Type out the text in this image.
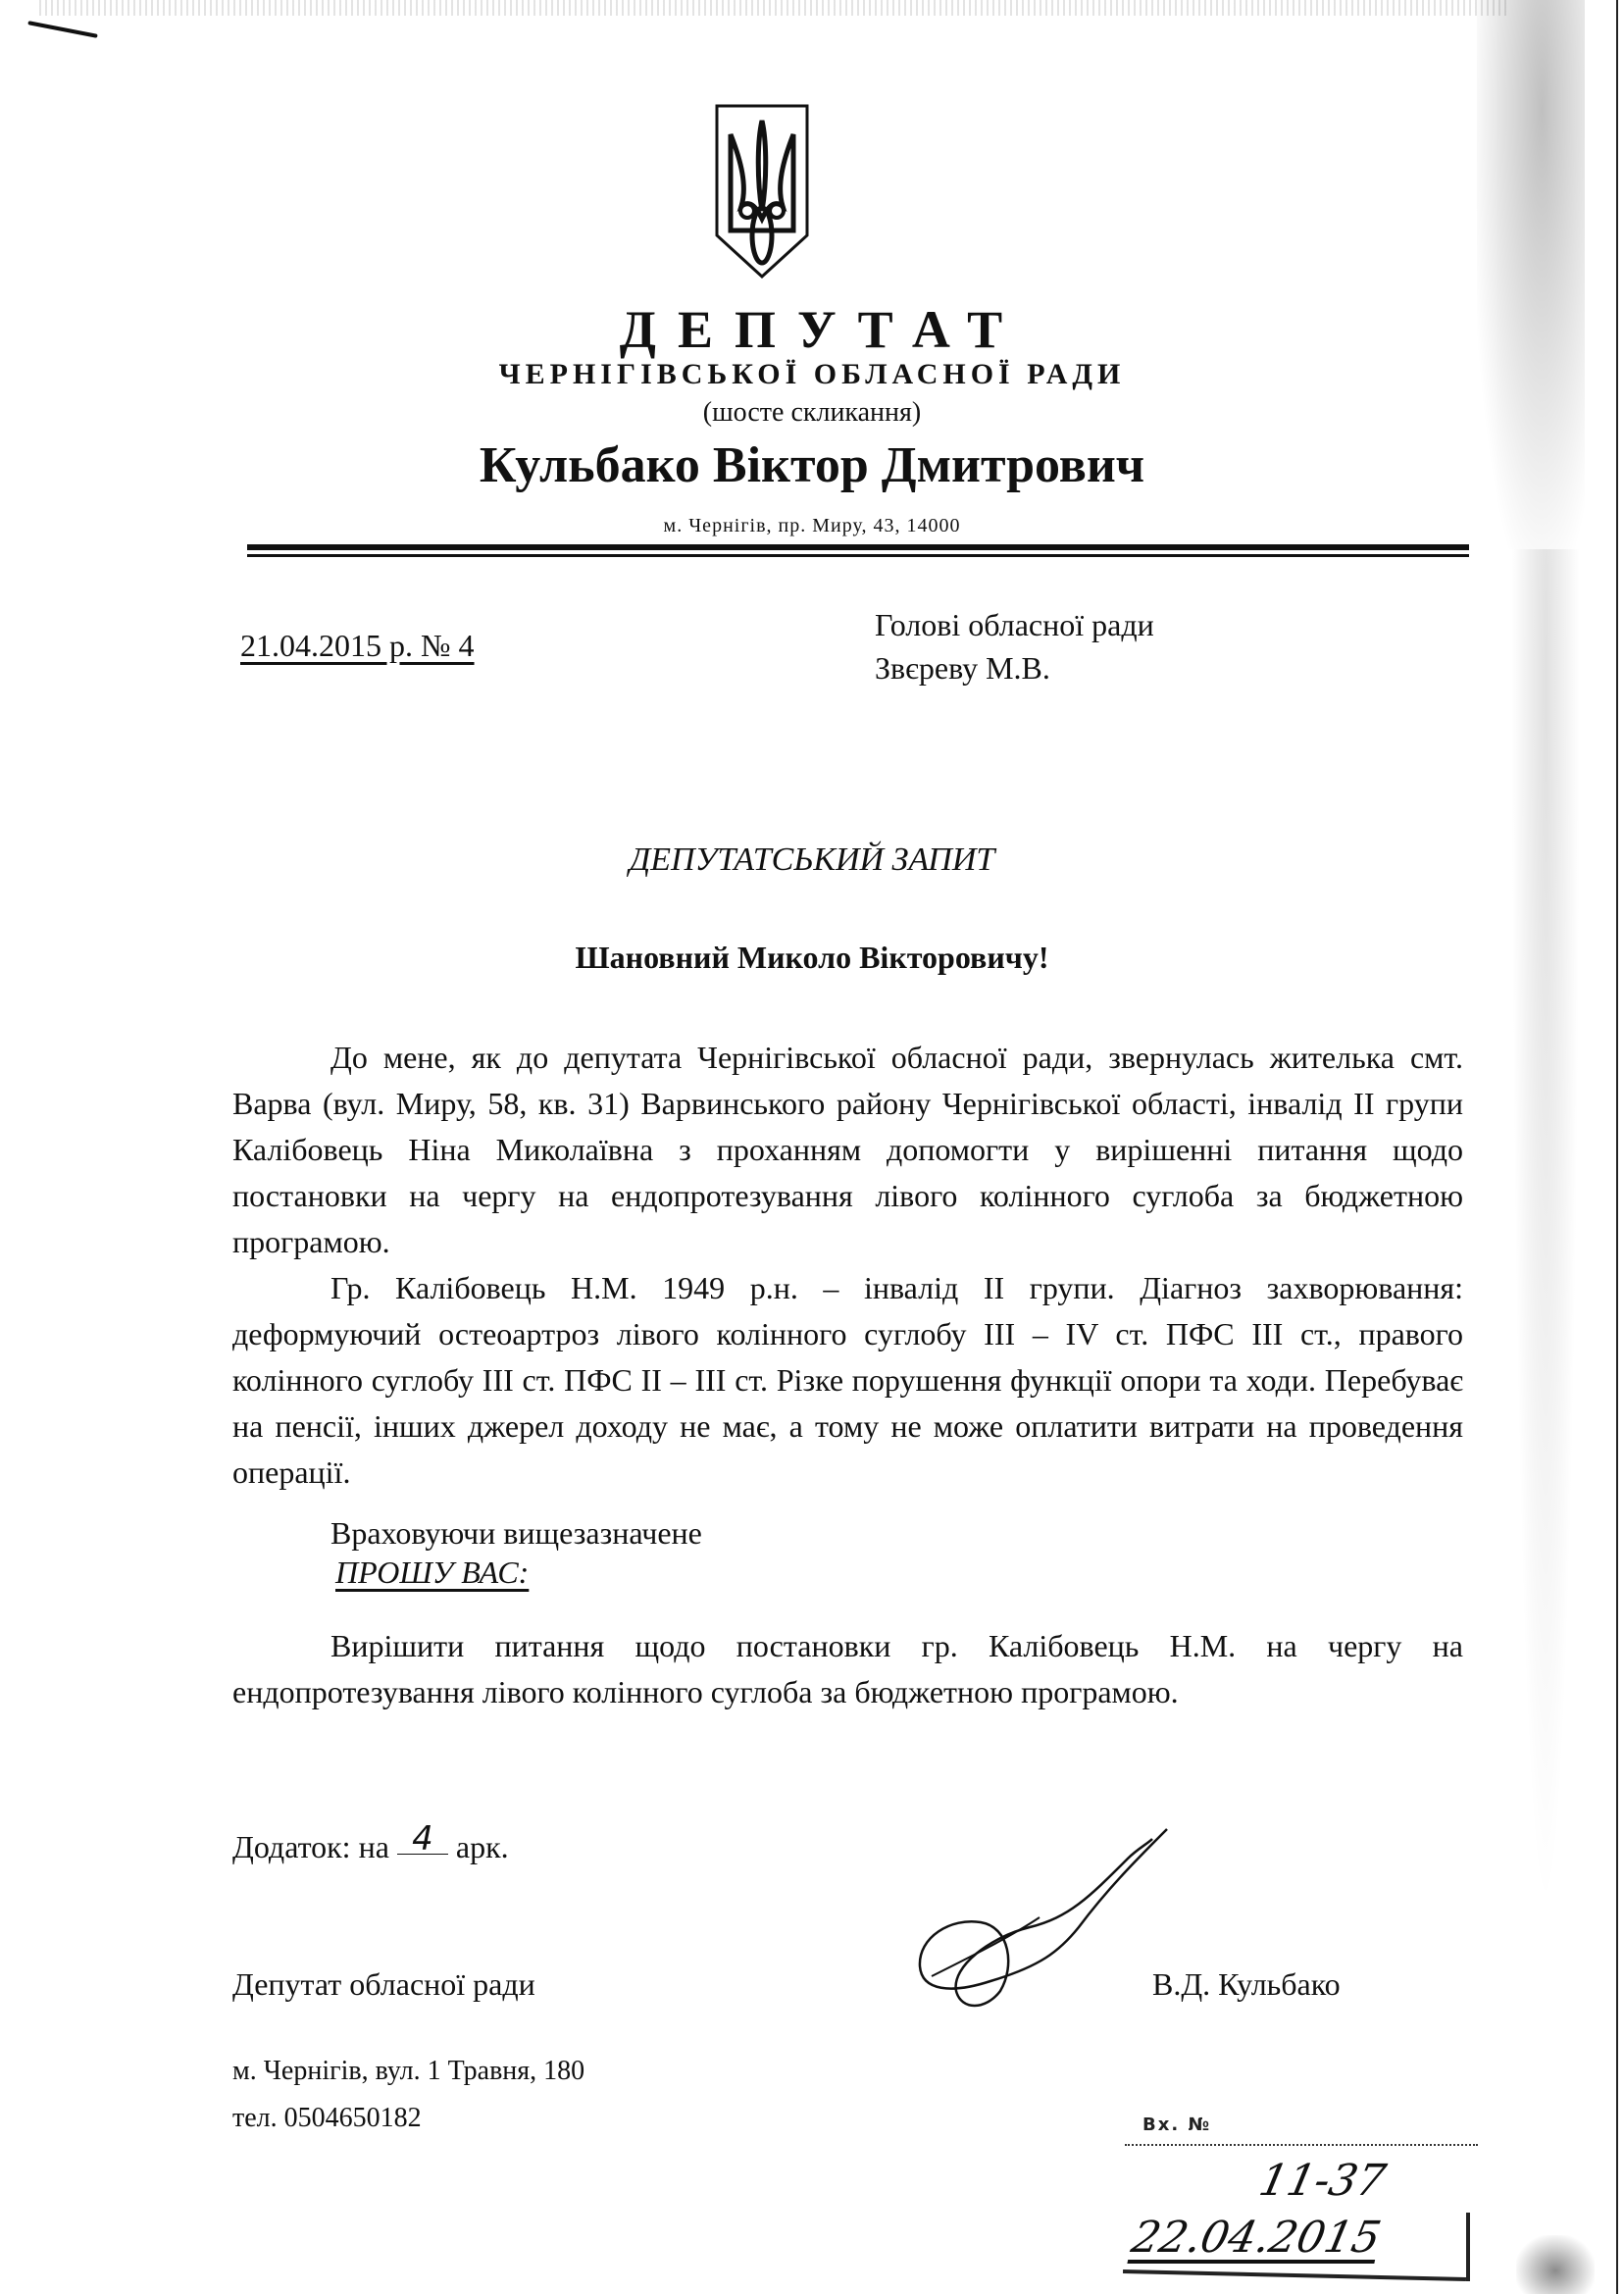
ДЕПУТАТ
ЧЕРНІГІВСЬКОЇ ОБЛАСНОЇ РАДИ
(шосте скликання)
Кульбако Віктор Дмитрович
м. Чернігів, пр. Миру, 43, 14000
21.04.2015 р. № 4
Голові обласної ради
Звєреву М.В.
ДЕПУТАТСЬКИЙ ЗАПИТ
Шановний Миколо Вікторовичу!

До мене, як до депутата Чернігівської обласної ради, звернулась жителька смт. Варва (вул. Миру, 58, кв. 31) Варвинського району Чернігівської області, інвалід ІІ групи Калібовець Ніна Миколаївна з проханням допомогти у вирішенні питання щодо постановки на чергу на ендопротезування лівого колінного суглоба за бюджетною програмою.

Гр. Калібовець Н.М. 1949 р.н. – інвалід ІІ групи. Діагноз захворювання: деформуючий остеоартроз лівого колінного суглобу ІІІ – IV ст. ПФС ІІІ ст., правого колінного суглобу ІІІ ст. ПФС ІІ – ІІІ ст. Різке порушення функції опори та ходи. Перебуває на пенсії, інших джерел доходу не має, а тому не може оплатити витрати на проведення операції.

Враховуючи вищезазначене
ПРОШУ ВАС:

Вирішити питання щодо постановки гр. Калібовець Н.М. на чергу на ендопротезування лівого колінного суглоба за бюджетною програмою.

Додаток: на 4 арк.
Депутат обласної ради	В.Д. Кульбако
м. Чернігів, вул. 1 Травня, 180
тел. 0504650182	Вх. №
11-37
22.04.2015
